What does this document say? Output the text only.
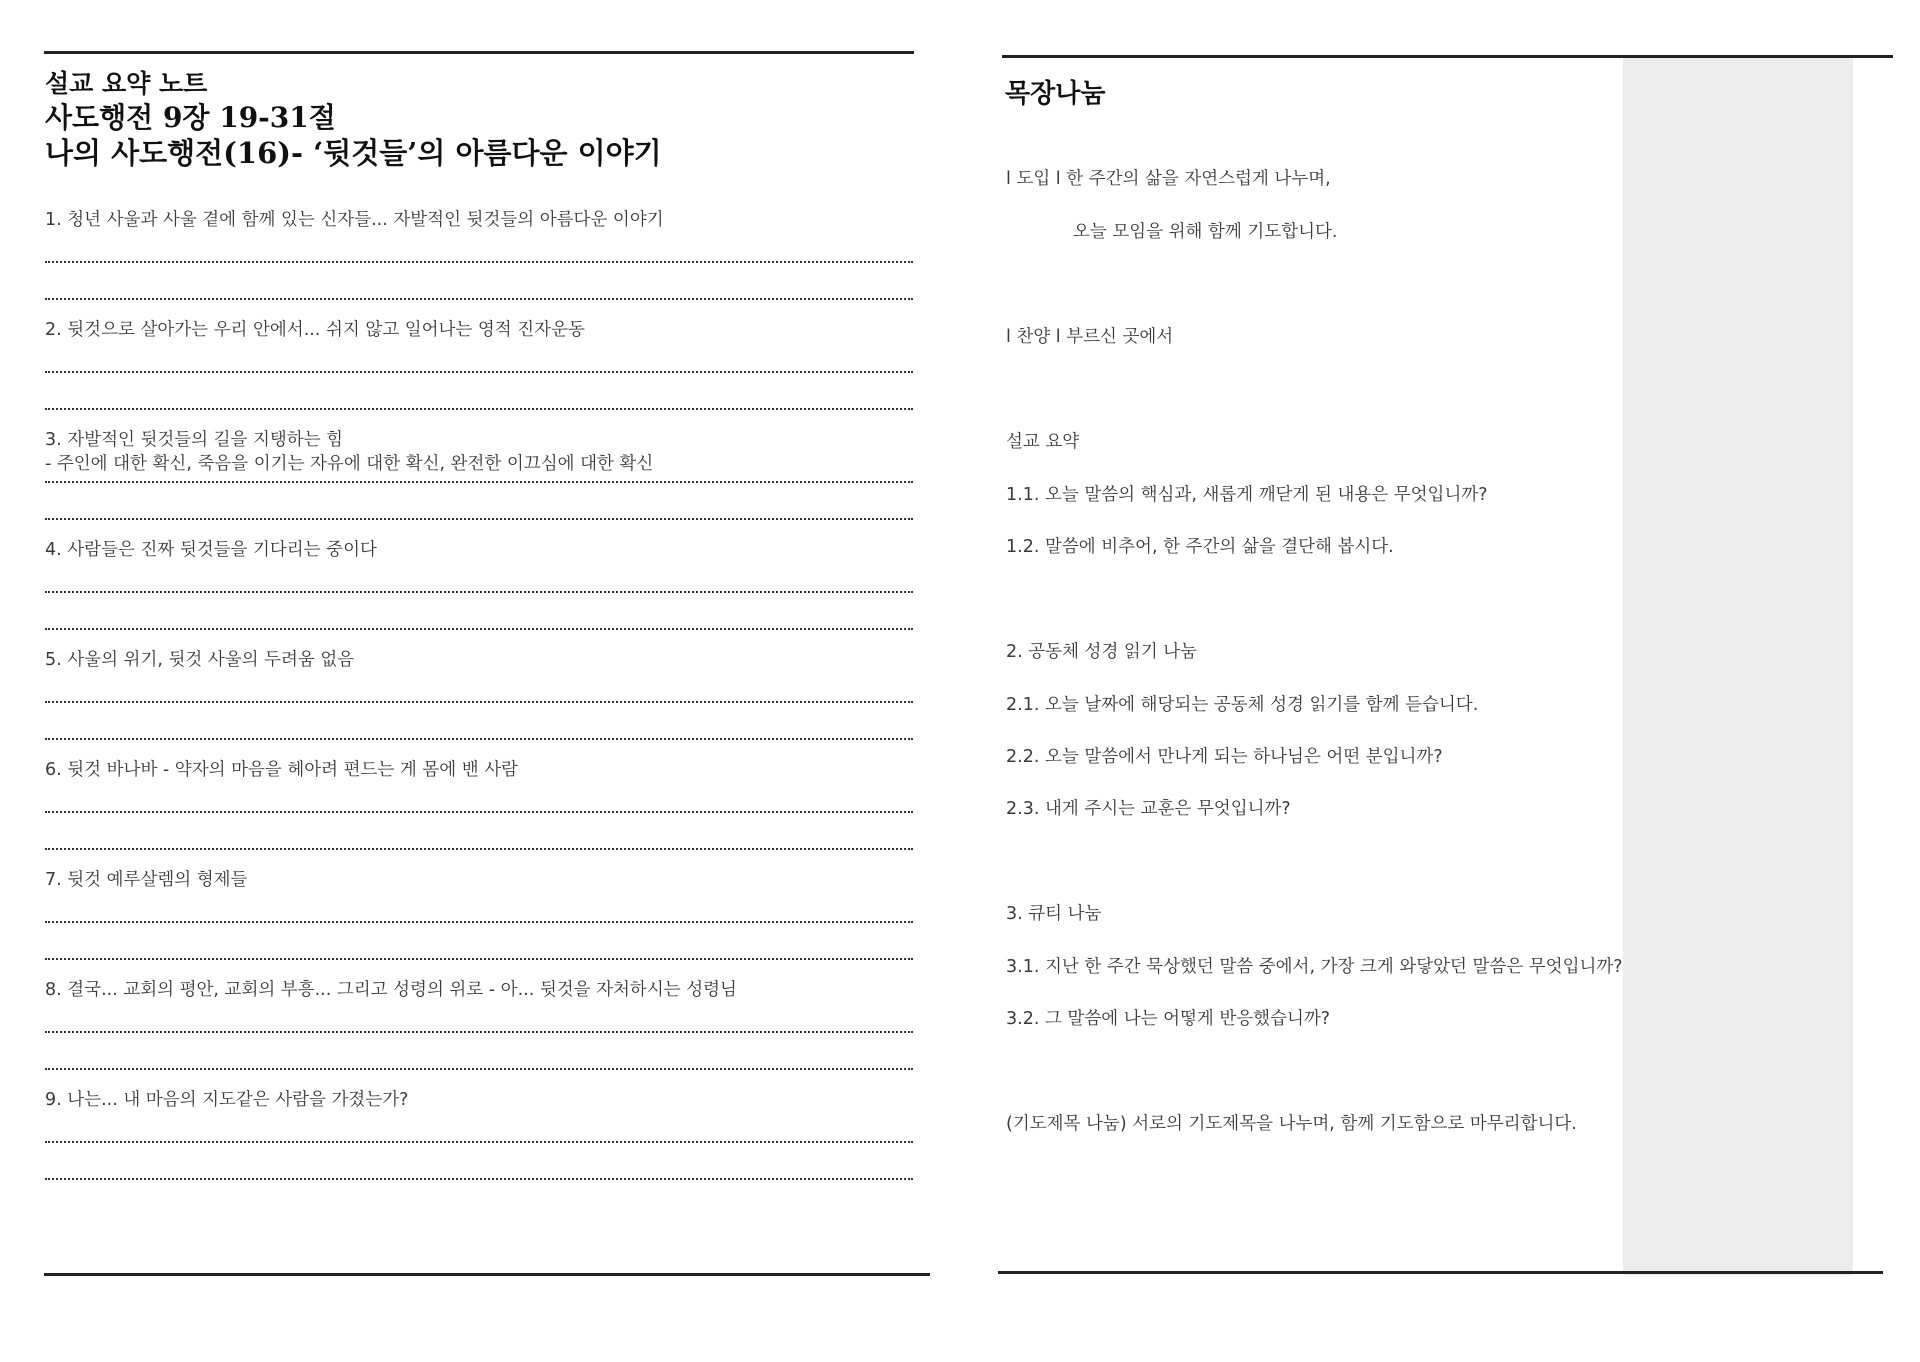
설교 요약 노트
사도행전 9장 19-31절
나의 사도행전(16)- ‘뒷것들’의 아름다운 이야기
1. 청년 사울과 사울 곁에 함께 있는 신자들... 자발적인 뒷것들의 아름다운 이야기
2. 뒷것으로 살아가는 우리 안에서... 쉬지 않고 일어나는 영적 진자운동
3. 자발적인 뒷것들의 길을 지탱하는 힘
- 주인에 대한 확신, 죽음을 이기는 자유에 대한 확신, 완전한 이끄심에 대한 확신
4. 사람들은 진짜 뒷것들을 기다리는 중이다
5. 사울의 위기, 뒷것 사울의 두려움 없음
6. 뒷것 바나바 - 약자의 마음을 헤아려 편드는 게 몸에 밴 사람
7. 뒷것 예루살렘의 형제들
8. 결국... 교회의 평안, 교회의 부흥... 그리고 성령의 위로 - 아... 뒷것을 자처하시는 성령님
9. 나는... 내 마음의 지도같은 사람을 가졌는가?
목장나눔
l 도입 l 한 주간의 삶을 자연스럽게 나누며,
오늘 모임을 위해 함께 기도합니다.
l 찬양 l 부르신 곳에서
설교 요약
1.1. 오늘 말씀의 핵심과, 새롭게 깨닫게 된 내용은 무엇입니까?
1.2. 말씀에 비추어, 한 주간의 삶을 결단해 봅시다.
2. 공동체 성경 읽기 나눔
2.1. 오늘 날짜에 해당되는 공동체 성경 읽기를 함께 듣습니다.
2.2. 오늘 말씀에서 만나게 되는 하나님은 어떤 분입니까?
2.3. 내게 주시는 교훈은 무엇입니까?
3. 큐티 나눔
3.1. 지난 한 주간 묵상했던 말씀 중에서, 가장 크게 와닿았던 말씀은 무엇입니까?
3.2. 그 말씀에 나는 어떻게 반응했습니까?
(기도제목 나눔) 서로의 기도제목을 나누며, 함께 기도함으로 마무리합니다.
